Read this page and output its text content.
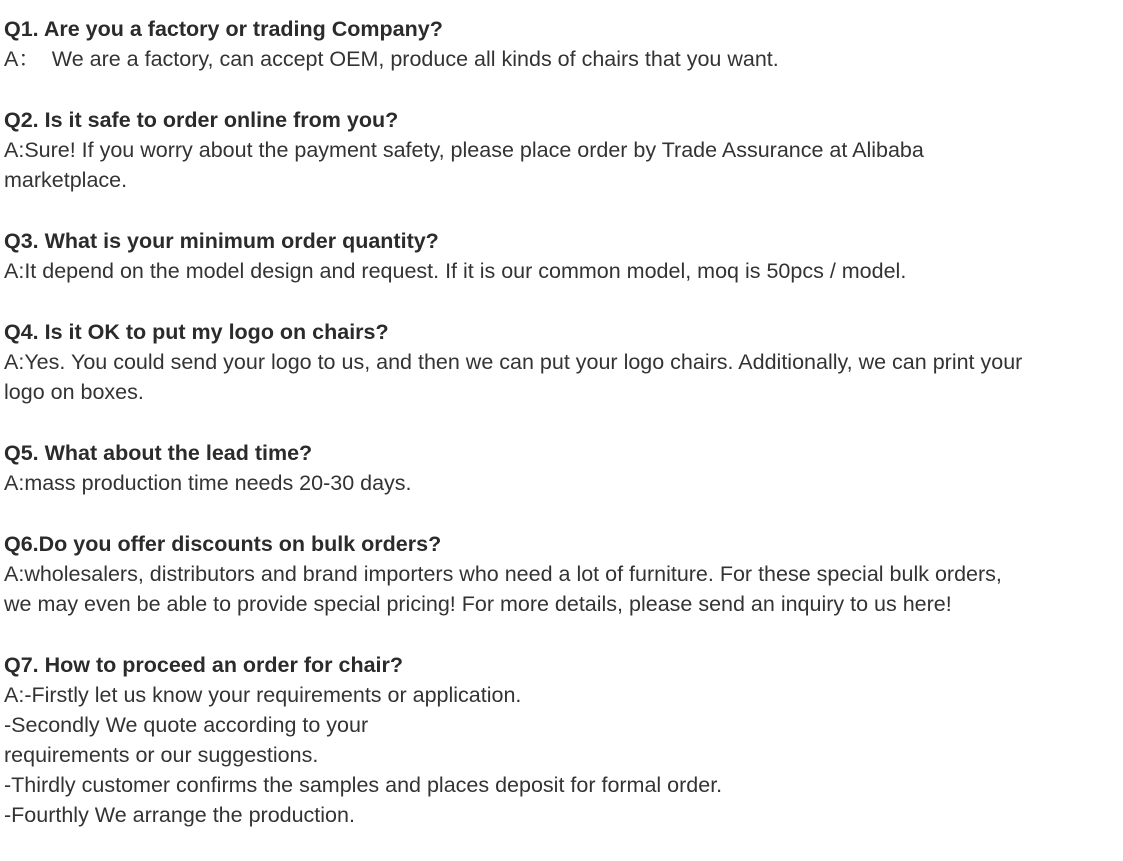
Q1. Are you a factory or trading Company?
A：  We are a factory, can accept OEM, produce all kinds of chairs that you want.
Q2. Is it safe to order online from you?
A:Sure! If you worry about the payment safety, please place order by Trade Assurance at Alibaba
marketplace.
Q3. What is your minimum order quantity?
A:It depend on the model design and request. If it is our common model, moq is 50pcs / model.
Q4. Is it OK to put my logo on chairs?
A:Yes. You could send your logo to us, and then we can put your logo chairs. Additionally, we can print your
logo on boxes.
Q5. What about the lead time?
A:mass production time needs 20-30 days.
Q6.Do you offer discounts on bulk orders?
A:wholesalers, distributors and brand importers who need a lot of furniture. For these special bulk orders,
we may even be able to provide special pricing! For more details, please send an inquiry to us here!
Q7. How to proceed an order for chair?
A:-Firstly let us know your requirements or application.
-Secondly We quote according to your
requirements or our suggestions.
-Thirdly customer confirms the samples and places deposit for formal order.
-Fourthly We arrange the production.
